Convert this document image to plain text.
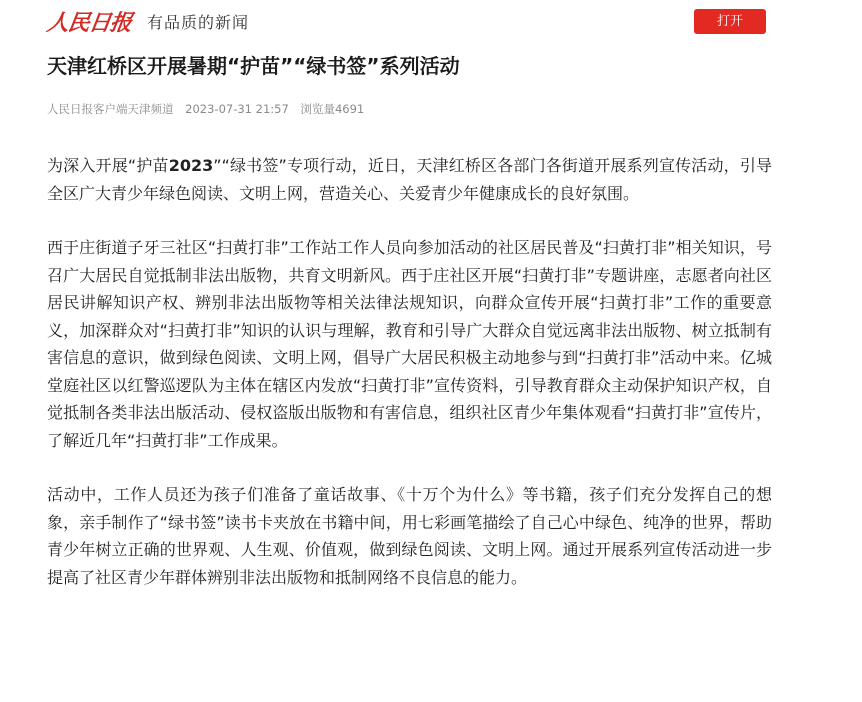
人民日报 有品质的新闻	打开
天津红桥区开展暑期“护苗”“绿书签”系列活动
人民日报客户端天津频道 2023-07-31 21:57 浏览量4691

为深入开展“护苗2023”“绿书签”专项行动，近日，天津红桥区各部门各街道开展系列宣传活动，引导全区广大青少年绿色阅读、文明上网，营造关心、关爱青少年健康成长的良好氛围。

西于庄街道子牙三社区“扫黄打非”工作站工作人员向参加活动的社区居民普及“扫黄打非”相关知识，号召广大居民自觉抵制非法出版物，共育文明新风。西于庄社区开展“扫黄打非”专题讲座，志愿者向社区居民讲解知识产权、辨别非法出版物等相关法律法规知识，向群众宣传开展“扫黄打非”工作的重要意义，加深群众对“扫黄打非”知识的认识与理解，教育和引导广大群众自觉远离非法出版物、树立抵制有害信息的意识，做到绿色阅读、文明上网，倡导广大居民积极主动地参与到“扫黄打非”活动中来。亿城堂庭社区以红警巡逻队为主体在辖区内发放“扫黄打非”宣传资料，引导教育群众主动保护知识产权，自觉抵制各类非法出版活动、侵权盗版出版物和有害信息，组织社区青少年集体观看“扫黄打非”宣传片，了解近几年“扫黄打非”工作成果。

活动中，工作人员还为孩子们准备了童话故事、《十万个为什么》等书籍，孩子们充分发挥自己的想象，亲手制作了“绿书签”读书卡夹放在书籍中间，用七彩画笔描绘了自己心中绿色、纯净的世界，帮助青少年树立正确的世界观、人生观、价值观，做到绿色阅读、文明上网。通过开展系列宣传活动进一步提高了社区青少年群体辨别非法出版物和抵制网络不良信息的能力。
